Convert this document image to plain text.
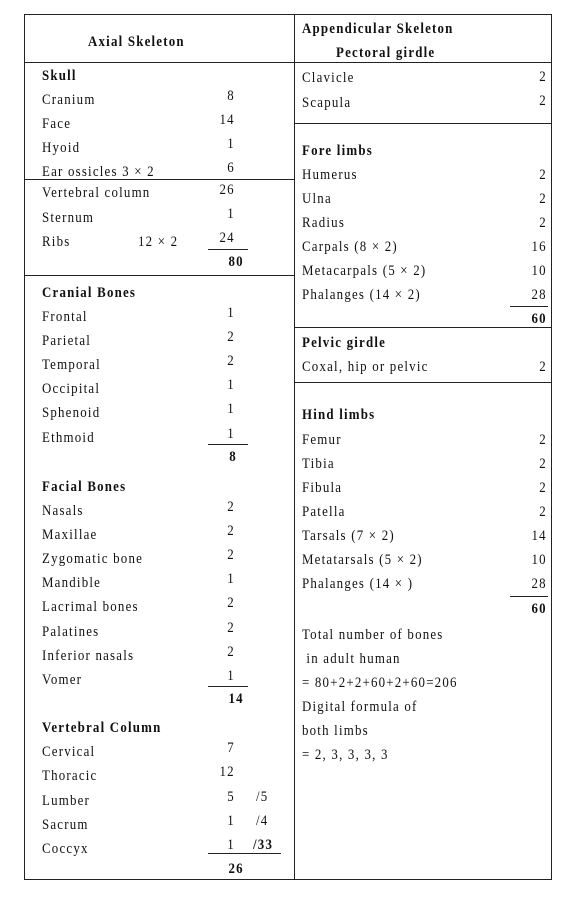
Axial Skeleton
Appendicular Skeleton
Pectoral girdle
Skull
Cranium	8
Face	14
Hyoid	1
Ear ossicles 3 × 2	6
Vertebral column	26
Sternum	1
Ribs	12 × 2	24
80
Cranial Bones
Frontal	1
Parietal	2
Temporal	2
Occipital	1
Sphenoid	1
Ethmoid	1
8
Facial Bones
Nasals	2
Maxillae	2
Zygomatic bone	2
Mandible	1
Lacrimal bones	2
Palatines	2
Inferior nasals	2
Vomer	1
14
Vertebral Column
Cervical	7
Thoracic	12
Lumber	5 /5
Sacrum	1 /4
Coccyx	1 /33
26
Clavicle	2
Scapula	2
Fore limbs
Humerus	2
Ulna	2
Radius	2
Carpals (8 × 2)	16
Metacarpals (5 × 2)	10
Phalanges (14 × 2)	28
60
Pelvic girdle
Coxal, hip or pelvic	2
Hind limbs
Femur	2
Tibia	2
Fibula	2
Patella	2
Tarsals (7 × 2)	14
Metatarsals (5 × 2)	10
Phalanges (14 × )	28
60
Total number of bones
in adult human
= 80+2+2+60+2+60=206
Digital formula of
both limbs
= 2, 3, 3, 3, 3
